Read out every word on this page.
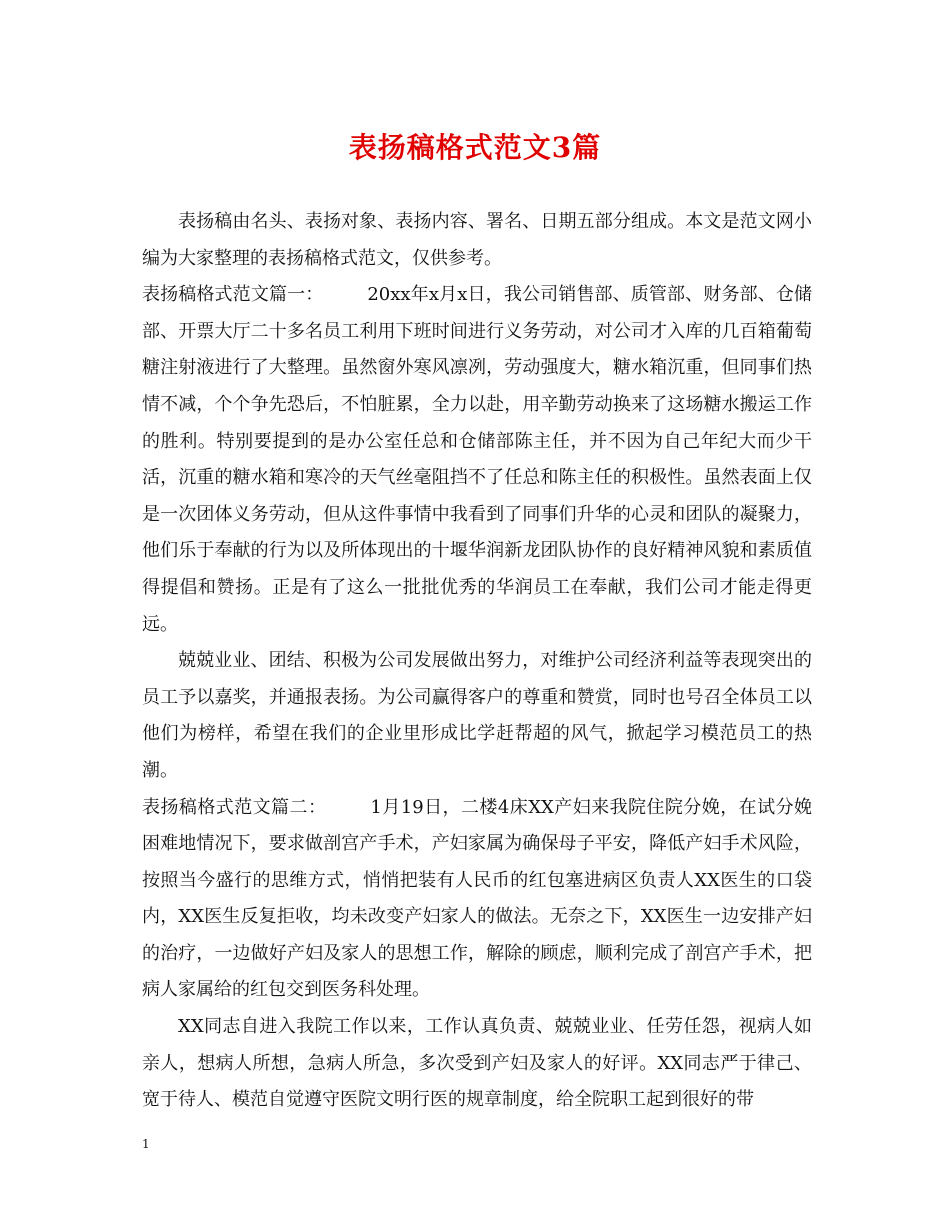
表扬稿格式范文3篇

表扬稿由名头、表扬对象、表扬内容、署名、日期五部分组成。本文是范文网小编为大家整理的表扬稿格式范文，仅供参考。

表扬稿格式范文篇一： 20xx年x月x日，我公司销售部、质管部、财务部、仓储部、开票大厅二十多名员工利用下班时间进行义务劳动，对公司才入库的几百箱葡萄糖注射液进行了大整理。虽然窗外寒风凛冽，劳动强度大，糖水箱沉重，但同事们热情不减，个个争先恐后，不怕脏累，全力以赴，用辛勤劳动换来了这场糖水搬运工作的胜利。特别要提到的是办公室任总和仓储部陈主任，并不因为自己年纪大而少干活，沉重的糖水箱和寒冷的天气丝毫阻挡不了任总和陈主任的积极性。虽然表面上仅是一次团体义务劳动，但从这件事情中我看到了同事们升华的心灵和团队的凝聚力，他们乐于奉献的行为以及所体现出的十堰华润新龙团队协作的良好精神风貌和素质值得提倡和赞扬。正是有了这么一批批优秀的华润员工在奉献，我们公司才能走得更远。

兢兢业业、团结、积极为公司发展做出努力，对维护公司经济利益等表现突出的员工予以嘉奖，并通报表扬。为公司赢得客户的尊重和赞赏，同时也号召全体员工以他们为榜样，希望在我们的企业里形成比学赶帮超的风气，掀起学习模范员工的热潮。

表扬稿格式范文篇二： 1月19日，二楼4床XX产妇来我院住院分娩，在试分娩困难地情况下，要求做剖宫产手术，产妇家属为确保母子平安，降低产妇手术风险，按照当今盛行的思维方式，悄悄把装有人民币的红包塞进病区负责人XX医生的口袋内，XX医生反复拒收，均未改变产妇家人的做法。无奈之下，XX医生一边安排产妇的治疗，一边做好产妇及家人的思想工作，解除的顾虑，顺利完成了剖宫产手术，把病人家属给的红包交到医务科处理。

XX同志自进入我院工作以来，工作认真负责、兢兢业业、任劳任怨，视病人如亲人，想病人所想，急病人所急，多次受到产妇及家人的好评。XX同志严于律己、宽于待人、模范自觉遵守医院文明行医的规章制度，给全院职工起到很好的带

1
